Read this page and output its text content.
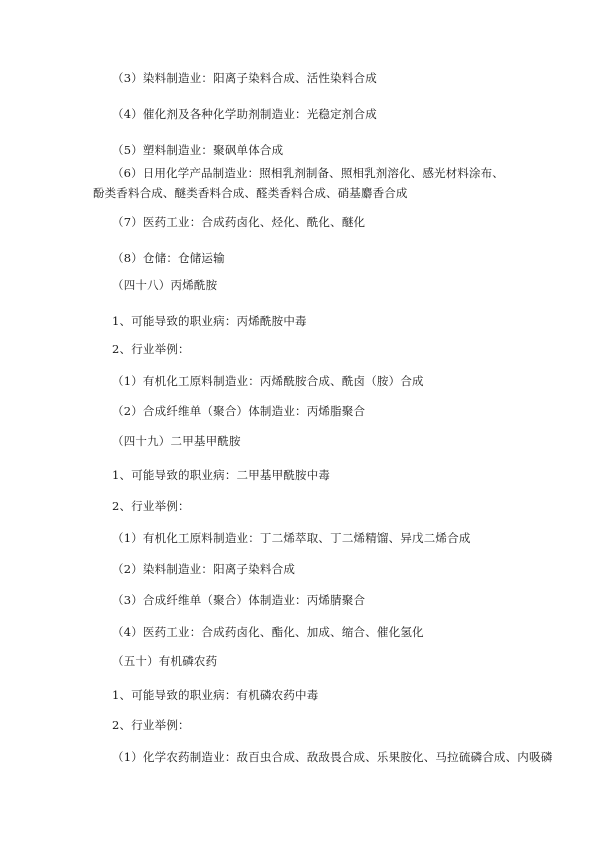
（3）染料制造业：阳离子染料合成、活性染料合成
（4）催化剂及各种化学助剂制造业：光稳定剂合成
（5）塑料制造业：聚砜单体合成
（6）日用化学产品制造业：照相乳剂制备、照相乳剂溶化、感光材料涂布、酚类香料合成、醚类香料合成、醛类香料合成、硝基麝香合成
（7）医药工业：合成药卤化、烃化、酰化、醚化
（8）仓储：仓储运输
（四十八）丙烯酰胺
1、可能导致的职业病：丙烯酰胺中毒
2、行业举例：
（1）有机化工原料制造业：丙烯酰胺合成、酰卤（胺）合成
（2）合成纤维单（聚合）体制造业：丙烯脂聚合
（四十九）二甲基甲酰胺
1、可能导致的职业病：二甲基甲酰胺中毒
2、行业举例：
（1）有机化工原料制造业：丁二烯萃取、丁二烯精馏、异戊二烯合成
（2）染料制造业：阳离子染料合成
（3）合成纤维单（聚合）体制造业：丙烯腈聚合
（4）医药工业：合成药卤化、酯化、加成、缩合、催化氢化
（五十）有机磷农药
1、可能导致的职业病：有机磷农药中毒
2、行业举例：
（1）化学农药制造业：敌百虫合成、敌敌畏合成、乐果胺化、马拉硫磷合成、内吸磷
